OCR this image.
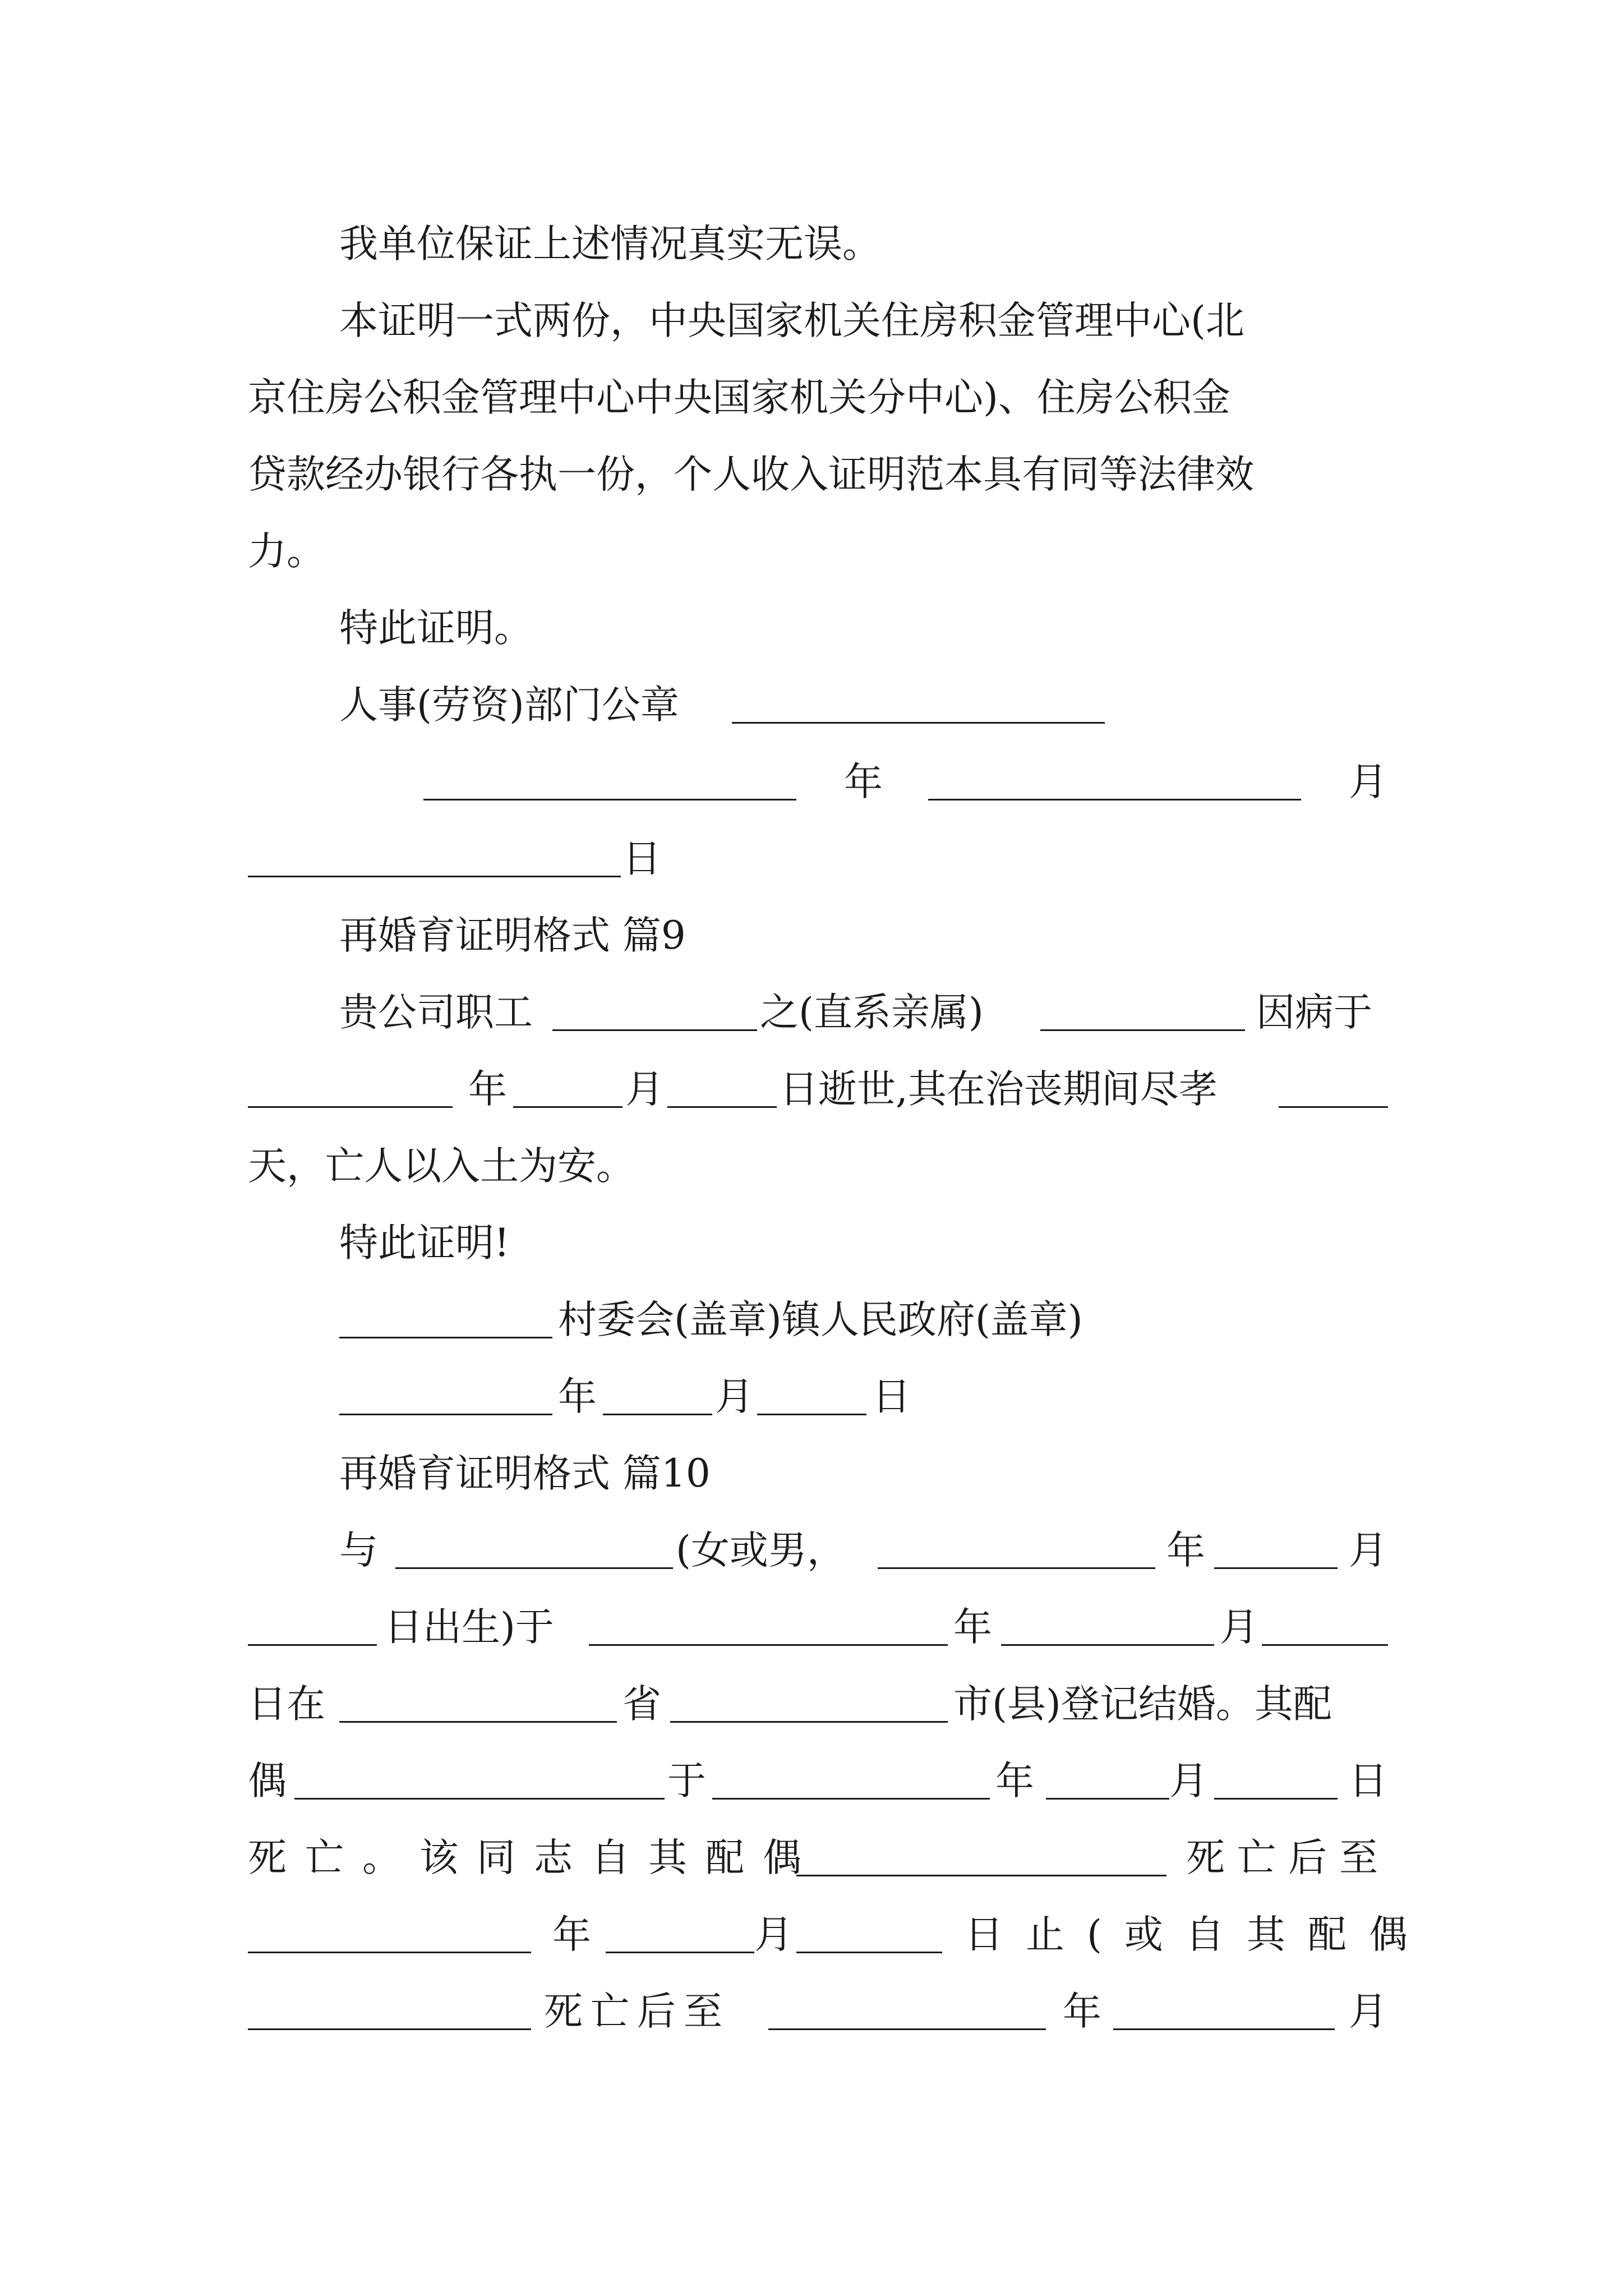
我单位保证上述情况真实无误。
本证明一式两份，中央国家机关住房积金管理中心(北
京住房公积金管理中心中央国家机关分中心)、住房公积金
贷款经办银行各执一份，个人收入证明范本具有同等法律效
力。
特此证明。
人事(劳资)部门公章
年	月
日
再婚育证明格式 篇9
贵公司职工	之(直系亲属)	因病于
年	月	日逝世,其在治丧期间尽孝
天，亡人以入土为安。
特此证明!
村委会(盖章)镇人民政府(盖章)
年	月	日
再婚育证明格式 篇10
与	(女或男，	年	月
日出生)于	年	月
日在	省	市(县)登记结婚。其配
偶	于	年	月	日
死亡。该同志自其配偶	死亡后至
年	月	日止(或自其配偶
死亡后至	年	月
